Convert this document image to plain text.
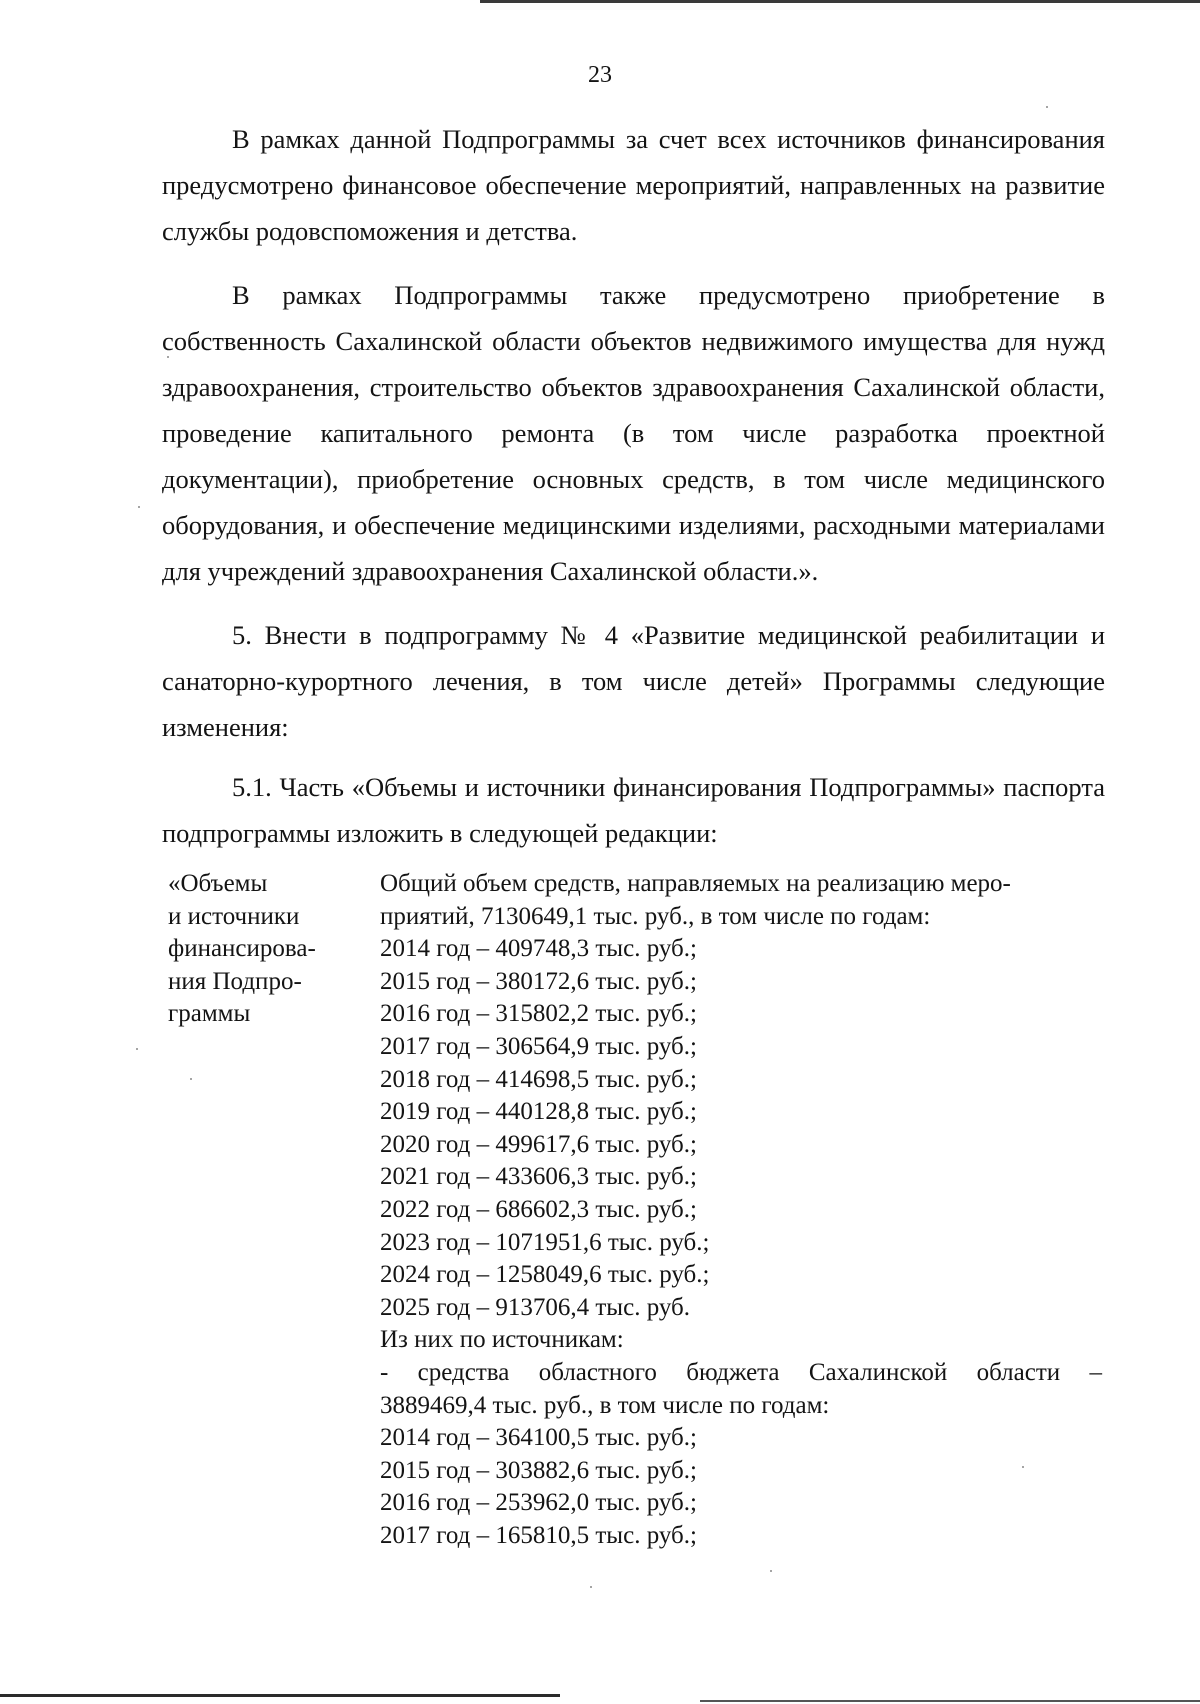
23

В рамках данной Подпрограммы за счет всех источников финансирования предусмотрено финансовое обеспечение мероприятий, направленных на развитие службы родовспоможения и детства.

В рамках Подпрограммы также предусмотрено приобретение в собственность Сахалинской области объектов недвижимого имущества для нужд здравоохранения, строительство объектов здравоохранения Сахалинской области, проведение капитального ремонта (в том числе разработка проектной документации), приобретение основных средств, в том числе медицинского оборудования, и обеспечение медицинскими изделиями, расходными материалами для учреждений здравоохранения Сахалинской области.».

5. Внести в подпрограмму № 4 «Развитие медицинской реабилитации и санаторно-курортного лечения, в том числе детей» Программы следующие изменения:

5.1. Часть «Объемы и источники финансирования Подпрограммы» паспорта подпрограммы изложить в следующей редакции:

«Объемы
и источники
финансирова-
ния Подпро-
граммы
Общий объем средств, направляемых на реализацию меро-
приятий, 7130649,1 тыс. руб., в том числе по годам:
2014 год – 409748,3 тыс. руб.;
2015 год – 380172,6 тыс. руб.;
2016 год – 315802,2 тыс. руб.;
2017 год – 306564,9 тыс. руб.;
2018 год – 414698,5 тыс. руб.;
2019 год – 440128,8 тыс. руб.;
2020 год – 499617,6 тыс. руб.;
2021 год – 433606,3 тыс. руб.;
2022 год – 686602,3 тыс. руб.;
2023 год – 1071951,6 тыс. руб.;
2024 год – 1258049,6 тыс. руб.;
2025 год – 913706,4 тыс. руб.
Из них по источникам:
- средства областного бюджета Сахалинской области –
3889469,4 тыс. руб., в том числе по годам:
2014 год – 364100,5 тыс. руб.;
2015 год – 303882,6 тыс. руб.;
2016 год – 253962,0 тыс. руб.;
2017 год – 165810,5 тыс. руб.;
